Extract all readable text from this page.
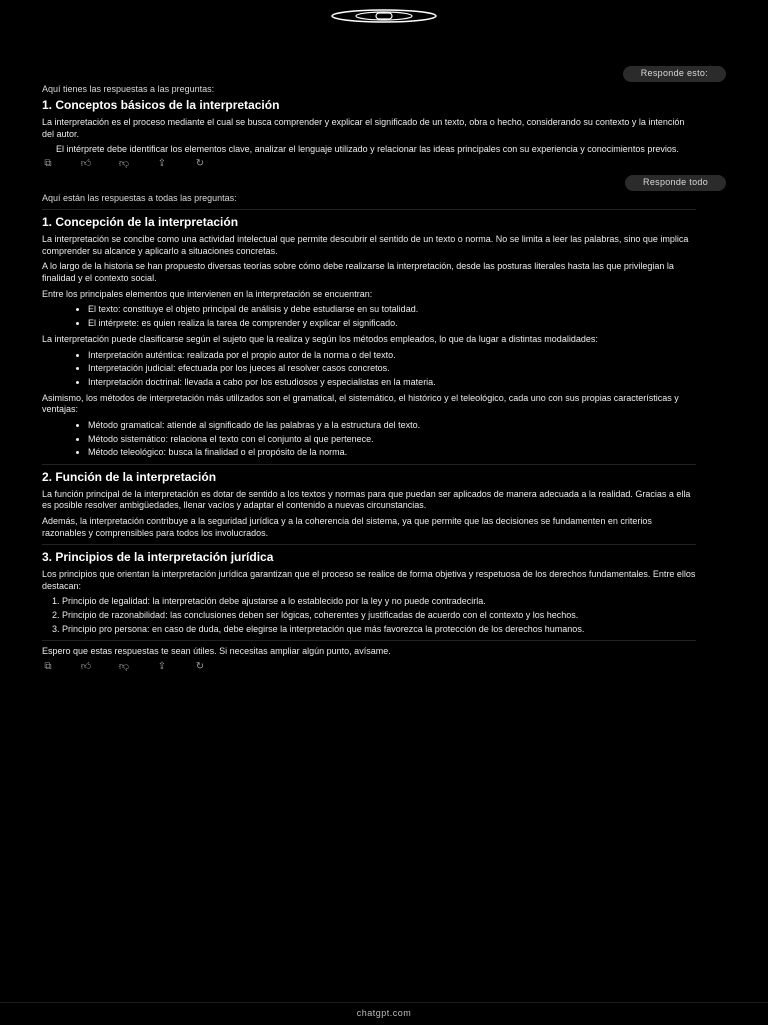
Responde esto:
Aquí tienes las respuestas a las preguntas:
1. Conceptos básicos de la interpretación

La interpretación es el proceso mediante el cual se busca comprender y explicar el significado de un texto, obra o hecho, considerando su contexto y la intención del autor.

El intérprete debe identificar los elementos clave, analizar el lenguaje utilizado y relacionar las ideas principales con su experiencia y conocimientos previos.
⧉	👍︎	👎︎	⇪	↻
Responde todo
Aquí están las respuestas a todas las preguntas:
1. Concepción de la interpretación

La interpretación se concibe como una actividad intelectual que permite descubrir el sentido de un texto o norma. No se limita a leer las palabras, sino que implica comprender su alcance y aplicarlo a situaciones concretas.

A lo largo de la historia se han propuesto diversas teorías sobre cómo debe realizarse la interpretación, desde las posturas literales hasta las que privilegian la finalidad y el contexto social.

Entre los principales elementos que intervienen en la interpretación se encuentran:

• El texto: constituye el objeto principal de análisis y debe estudiarse en su totalidad.
• El intérprete: es quien realiza la tarea de comprender y explicar el significado.

La interpretación puede clasificarse según el sujeto que la realiza y según los métodos empleados, lo que da lugar a distintas modalidades:

• Interpretación auténtica: realizada por el propio autor de la norma o del texto.
• Interpretación judicial: efectuada por los jueces al resolver casos concretos.
• Interpretación doctrinal: llevada a cabo por los estudiosos y especialistas en la materia.

Asimismo, los métodos de interpretación más utilizados son el gramatical, el sistemático, el histórico y el teleológico, cada uno con sus propias características y ventajas:

• Método gramatical: atiende al significado de las palabras y a la estructura del texto.
• Método sistemático: relaciona el texto con el conjunto al que pertenece.
• Método teleológico: busca la finalidad o el propósito de la norma.
2. Función de la interpretación

La función principal de la interpretación es dotar de sentido a los textos y normas para que puedan ser aplicados de manera adecuada a la realidad. Gracias a ella es posible resolver ambigüedades, llenar vacíos y adaptar el contenido a nuevas circunstancias.

Además, la interpretación contribuye a la seguridad jurídica y a la coherencia del sistema, ya que permite que las decisiones se fundamenten en criterios razonables y comprensibles para todos los involucrados.

3. Principios de la interpretación jurídica

Los principios que orientan la interpretación jurídica garantizan que el proceso se realice de forma objetiva y respetuosa de los derechos fundamentales. Entre ellos destacan:

1. Principio de legalidad: la interpretación debe ajustarse a lo establecido por la ley y no puede contradecirla.
2. Principio de razonabilidad: las conclusiones deben ser lógicas, coherentes y justificadas de acuerdo con el contexto y los hechos.
3. Principio pro persona: en caso de duda, debe elegirse la interpretación que más favorezca la protección de los derechos humanos.

Espero que estas respuestas te sean útiles. Si necesitas ampliar algún punto, avísame.

⧉	👍︎	👎︎	⇪	↻
chatgpt.com
